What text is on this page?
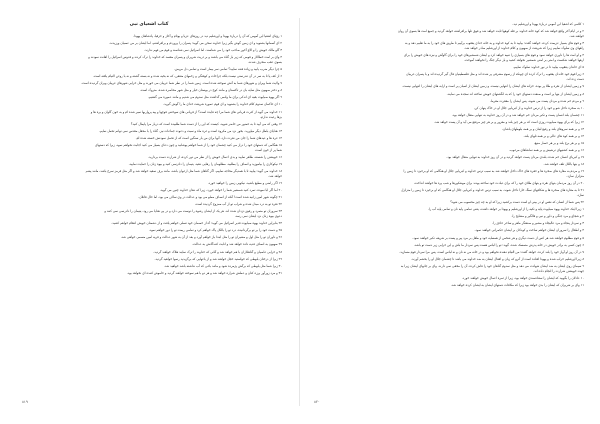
کتاب اشعیای نبی
۱ رؤیای اشعیا ابن آموص که آن را دربارهٔ یهودا و اورشلیم دید در روزهای عزیا و یوتام و آحاز و حزقیا، پادشاهان یهودا.
۲ ای آسمانها بشنوید و ای زمین گوش بگیر زیرا خداوند سخن می گوید: پسران را پروردم و برافراشتم، اما ایشان بر من عصیان ورزیدند.
۳ گاو مالک خویش را و الاغ آخور صاحب خود را می شناسند، اما اسرائیل نمی شناسند و قوم من فهم ندارند.
۴ وای بر امت خطاکار و قومی که زیر بار گناه می باشند و بر ذریت شریران و پسران مفسد که خداوند را ترک کردند و قدوس اسرائیل را اهانت نمودند و
بسوی عقب منحرف شدند.
۵ چرا دیگر ضرب یابید و زیاده فتنه نمایید؟ تمامی سر بیمار است و تمامی دل مریض.
۶ از کف پا تا به سر در آن تندرستی نیست بلکه جراحات و کوفتگی و زخمهای متعفن، که نه بخیه شده و نه بسته گشته و نه با روغن التیام یافته است.
۷ ولایت شما ویران و شهرهای شما به آتش سوخته شده است. زمین شما را در نظر شما غریبان می خورند و مثل خرابی شهرهای غریبان ویران گردیده است.
۸ و دختر صهیون مثل سایه بان در تاکستان و مانند کوخ در بوستان خیار و مثل شهر محاصره شده، متروک است.
۹ اگر یهوه صبایوت بقیه ای اندکی برای ما وانمی گذاشت مثل سدوم می شدیم و مانند عموره می گشتیم.
۱۰ ای حاکمان سدوم کلام خداوند را بشنوید و ای قوم عموره شریعت خدای ما را گوش گیرید.
۱۱ خداوند می گوید از کثرت قربانی های شما مرا چه فایده است؟ از قربانی های سوختنی قوچها و پیه پرواریها سیر شده ام و به خون گاوان و بره ها و
بزها رغبت ندارم.
۱۲ وقتی که می آیید تا به حضور من حاضر شوید، کیست که این را از دست شما طلبیده است که دربار مرا پایمال کنید؟
۱۳ هدایای باطل دیگر میاورید. بخور نزد من مکروه است و غره ماه و سبت و دعوت جماعات نیز. گناه را با محفل مقدس نمی توانم تحمل نمایم.
۱۴ غره ها و عیدهای شما را جان من نفرت دارد. آنها برای من بار سنگین است که از تحمل نمودنش خسته شده ام.
۱۵ هنگامی که دستهای خود را دراز می کنید چشمان خود را از شما خواهم پوشانید و چون دعای بسیار می کنید اجابت نخواهم نمود، زیرا که دستهای
شما پر از خون است.
۱۶ خویشتن را شسته، طاهر نمایید و بدی اعمال خویش را از نظر من دور کرده، از شرارت دست بردارید.
۱۷ نیکوکاری را بیاموزید و انصاف را بطلبید. مظلومان را رهایی دهید. یتیمان را دادرسی کنید و بیوه زنان را حمایت نمایید.
۱۸ خداوند می گوید: بیایید تا با همدیگر محاجه نماییم. اگر گناهان شما مثل ارغوان باشد، مانند برف سفید خواهد شد و اگر مثل قرمز سرخ باشد، مانند پشم
خواهد شد.
۱۹ اگر راضی و مطیع باشید، نیکویی زمین را خواهید خورد.
۲۰ اما اگر ابا نموده، تمرد کنید شمشیر شما را خواهد خورد، زیرا که دهان خداوند چنین می گوید.
۲۱ چگونه شهر امین زانیه شده است! آنکه از انصاف مملو می بود و عدالت در وی ساکن می بود، اما حال قاتلان.
۲۲ نقره تو به درد مبدل شده و شراب تو از آب ممزوج گردیده است.
۲۳ سروران تو متمرد و رفیق دزدان شده اند. هر یک از ایشان رشوه را دوست می دارد و در پی هدایا می رود. یتیمان را دادرسی نمی کنند و
دعوی بیوه زنان نزد ایشان نمی رسد.
۲۴ بنابراین خداوند یهوه صبایوت قدیر اسرائیل می گوید: آه از خصمان خود تسلی خواهم یافت و از دشمنان خویش انتقام خواهم کشید.
۲۵ و دست خود را بر تو برگردانیده، درد تو را بالکل پاک خواهم کرد و تمامی ریمت تو را دور خواهم نمود.
۲۶ و داوران تو را مثل اول و مشیران تو را مثل ابتدا باز خواهم آورد و بعد از آن به شهر عدالت و قریه امین مسمی خواهی شد.
۲۷ صهیون به انصاف فدیه داده خواهد شد و انابت کنندگانش به عدالت.
۲۸ و خرابی عاصیان و گناهکاران با هم خواهد شد و آنانی که خداوند را ترک نمایند هلاک خواهند گردید.
۲۹ زیرا از درختان بلوطی که خواستید خجل خواهند شد و از باغهایی که برگزیدید رسوا خواهید گردید.
۳۰ زیرا شما مثل بلوطی که برگش پژمرده شود و مانند باغی که آب نداشته باشد خواهید شد.
۳۱ و مرد زورآور پرزه کتان و عملش شراره خواهد شد و هر دو با هم سوخته خواهند گردید و خاموش کننده ای نخواهد بود.
۱ کلامی که اشعیا ابن آموص دربارهٔ یهودا و اورشلیم دید.
۲ و در ایام آخر واقع خواهد شد که کوه خانه خداوند بر قله کوهها ثابت خواهد شد و فوق تلها برافراشته خواهد گردید و جمیع امت ها بسوی آن روان
خواهند شد.
۳ و قوم های بسیار عزیمت کرده، خواهند گفت: بیایید تا به کوه خداوند و به خانه خدای یعقوب برآییم تا طریق های خود را به ما تعلیم دهد و به
راههای وی سلوک نماییم زیرا که شریعت از صهیون و کلام خداوند از اورشلیم صادر خواهد شد.
۴ و او امت ها را داوری خواهد نمود و قوم های بسیاری را تنبیه خواهد کرد و ایشان شمشیرهای خود را برای گاوآهن و نیزه های خویش را برای
ارهها خواهند شکست و امتی بر امتی شمشیر نخواهد کشید و بار دیگر جنگ را نخواهند آموخت.
۵ ای خاندان یعقوب بیایید تا در نور خداوند سلوک نماییم.
۶ زیرا قوم خود خاندان یعقوب را ترک کرده ای چونکه از رسوم مشرقی پر شده اند و مثل فلسطینیان فال گیر گردیده اند و با پسران غریبان
دست زده اند.
۷ و زمین ایشان از نقره و طلا پر بوده، خزانه های ایشان را انتهایی نیست. و زمین ایشان از اسبان پر است و ارابه های ایشان را انتهایی نیست.
۸ و زمین ایشان از بتها پر است و صنعت دستهای خود را که به انگشتهای خویش ساخته اند سجده می نمایند.
۹ و مردم خم شده و مردان پست می شوند، پس ایشان را مغفرت مفرما.
۱۰ به صخره داخل شو و خود را از ترس خداوند و از کبریایی جلال او در خاک پنهان کن.
۱۱ چشمان بلند انسان پست و تکبر مردان خم خواهد شد و در آن روز خداوند به تنهایی متعال خواهد بود.
۱۲ زیرا که برای یهوه صبایوت روزی است که بر هر چیز بلند و مغرور و بر هر چیز مرتفع می آید و آن پست خواهد شد.
۱۳ و بر همه سروهای بلند و رفیع لبنان و بر همه بلوطهای باشان،
۱۴ و بر همه کوه های عالی و بر همه تلهای بلند،
۱۵ و بر هر برج بلند و بر هر حصار منیع،
۱۶ و بر همه کشتیهای ترشیش و بر همه تماشاهای مرغوب.
۱۷ و کبریای انسان خم شده، بلندی مردان پست خواهد گردید و در آن روز خداوند به تنهایی متعال خواهد بود.
۱۸ و بتها بالکل تلف خواهند شد.
۱۹ و مردم به مغاره های صخره ها و حفره های خاک داخل خواهند شد به سبب ترس خداوند و کبریایی جلال او هنگامی که او برخیزد تا زمین را
متزلزل سازد.
۲۰ در آن روز مردمان بتهای نقره و بتهای طلای خود را که برای عبادت خود ساخته بودند برای موشکورها و شب پره ها خواهند انداخت.
۲۱ تا به مغاره های صخره ها و شکافهای سنگ خارا داخل شوند، به سبب ترس خداوند و کبریایی جلال او هنگامی که او برخیزد تا زمین را متزلزل
سازد.
۲۲ پس شما از انسان که نفس او در بینی او است دست برکشید زیرا که او به چه چیز محسوب می شود؟
۱ زیرا اینک خداوند یهوه صبایوت پایه و تکیه را از اورشلیم و یهودا بر خواهد داشت، یعنی تمامی پایه نان و تمامی پایه آب را.
۲ و شجاع و مرد جنگی و داور و نبی و فالگیر و مشایخ را،
۳ و سردار پنجاه و مرد عالیجاه و مشیر و صنعتگر ماهر و ساحر حاذق را.
۴ و اطفال را سروران ایشان خواهم ساخت و کودکان بر ایشان حکمرانی خواهند نمود.
۵ و قوم مظلوم خواهند شد هر کس از دست دیگری و هر شخص از همسایه خود و طفل بر مرد پیر و پست بر شریف تکبر خواهند نمود.
۶ چون کسی به برادر خویش در خانه پدرش متمسک شده، گوید: تو را لباس هست پس سردار ما باش و این خرابی زیر دست تو باشد.
۷ در آن روز او آواز خود را بلند کرده، خواهد گفت: من التیام دهنده نخواهم بود و در خانه من نه نان و نه لباس است. پس مرا سردار قوم مسازید.
۸ زیرا اورشلیم خراب شده و یهودا افتاده است از آنرو که زبان و افعال ایشان به ضد خداوند می باشد تا چشمان جلال او را بخشم آورند.
۹ سیمای روی ایشان به ضد ایشان شهادت می دهد و مثل سدوم گناهان خود را فاش کرده، آن را مخفی نمی دارند. وای بر جانهای ایشان زیرا به
جهت خویشتن شرارت را انجام داده اند.
۱۰ عادلان را بگویید که ایشان را سعادتمندی خواهد بود، زیرا از ثمره اعمال خویش خواهند خورد.
۱۱ وای بر شریران که ایشان را بدی خواهد بود زیرا که مکافات دستهای ایشان به ایشان کرده خواهد شد.
۸۱۹	۸۲۰
